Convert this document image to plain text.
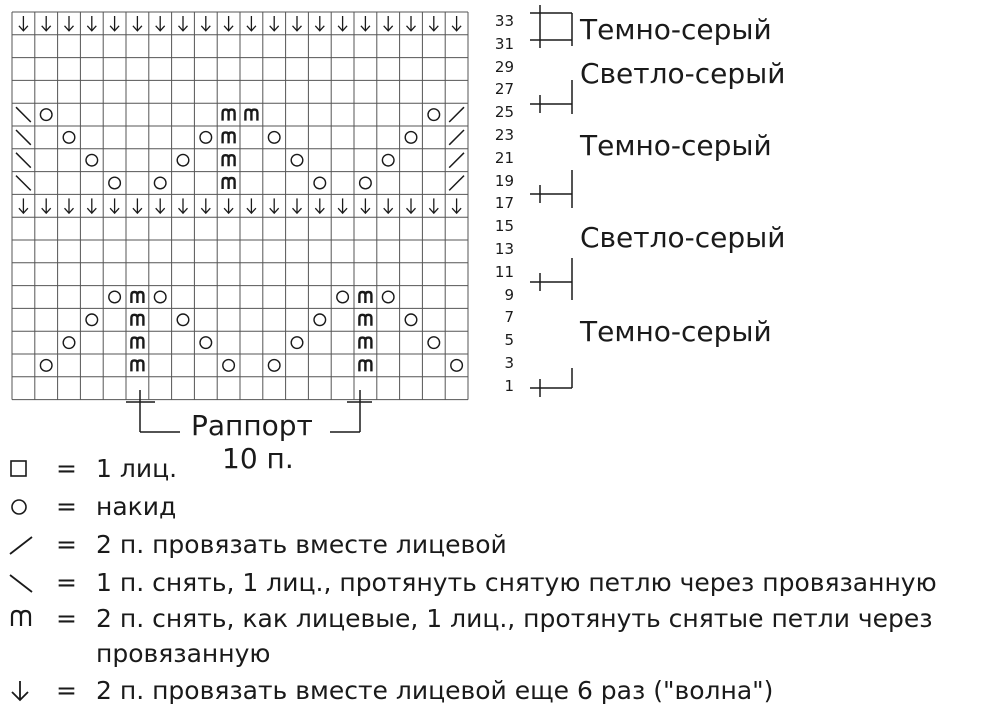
33
31
29
27
25
23
21
19
17
15
13
11
9
7
5
3
1
Темно-серый
Светло-серый
Темно-серый
Светло-серый
Темно-серый
Раппорт
10 п.
= 1 лиц.
= накид
= 2 п. провязать вместе лицевой
= 1 п. снять, 1 лиц., протянуть снятую петлю через провязанную
= 2 п. снять, как лицевые, 1 лиц., протянуть снятые петли через
провязанную
= 2 п. провязать вместе лицевой еще 6 раз ("волна")
